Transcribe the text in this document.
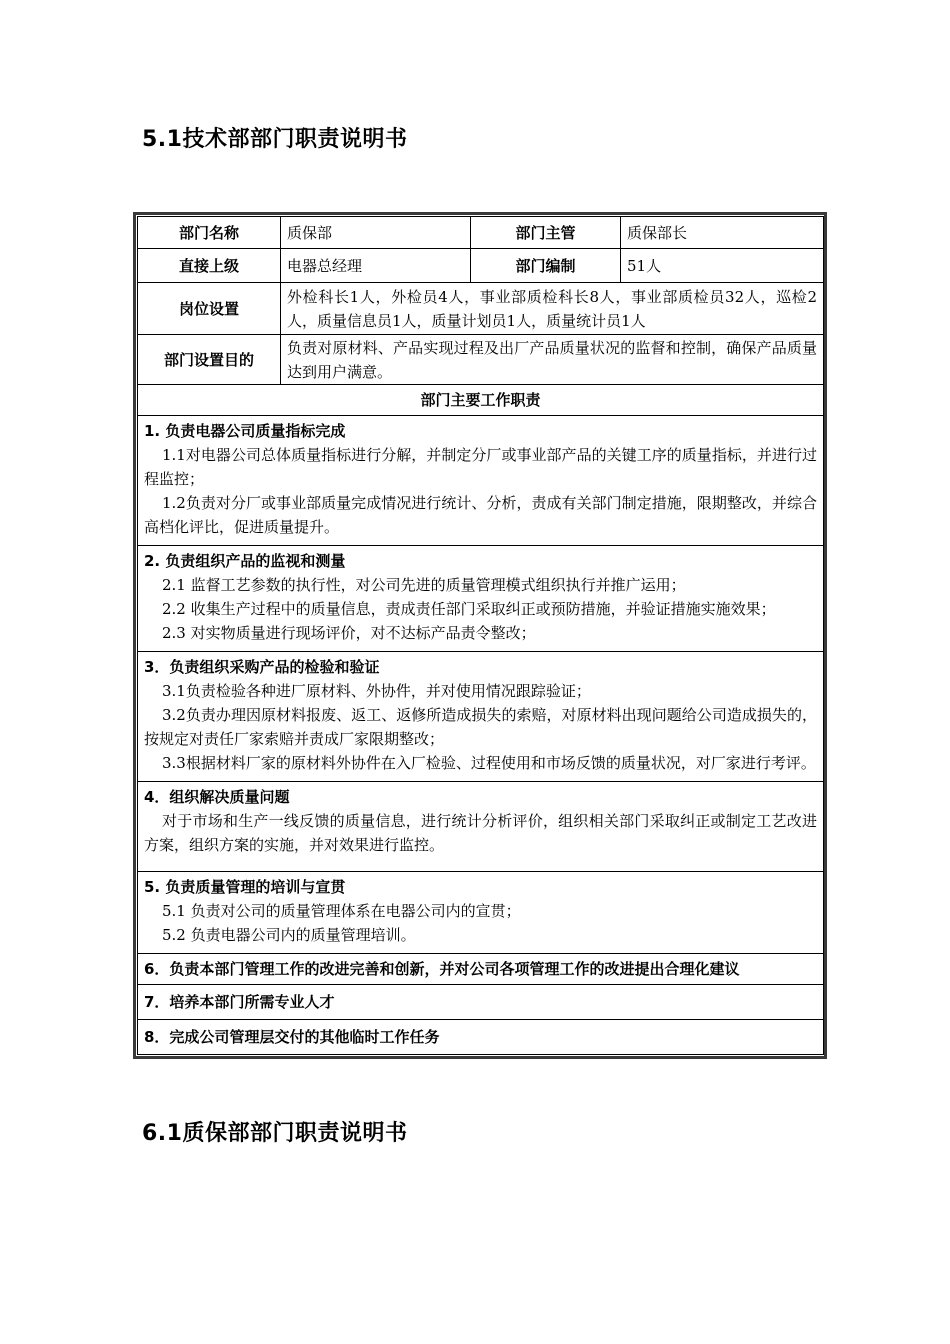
5.1技术部部门职责说明书
部门名称	质保部	部门主管	质保部长
直接上级	电器总经理	部门编制	51人
岗位设置	外检科长1人，外检员4人，事业部质检科长8人，事业部质检员32人，巡检2人，质量信息员1人，质量计划员1人，质量统计员1人		
部门设置目的	负责对原材料、产品实现过程及出厂产品质量状况的监督和控制，确保产品质量达到用户满意。		
部门主要工作职责			

1. 负责电器公司质量指标完成
1.1对电器公司总体质量指标进行分解，并制定分厂或事业部产品的关键工序的质量指标，并进行过程监控；
1.2负责对分厂或事业部质量完成情况进行统计、分析，责成有关部门制定措施，限期整改，并综合高档化评比，促进质量提升。			

2. 负责组织产品的监视和测量
2.1 监督工艺参数的执行性，对公司先进的质量管理模式组织执行并推广运用；
2.2 收集生产过程中的质量信息，责成责任部门采取纠正或预防措施，并验证措施实施效果；
2.3 对实物质量进行现场评价，对不达标产品责令整改；			

3．负责组织采购产品的检验和验证
3.1负责检验各种进厂原材料、外协件，并对使用情况跟踪验证；
3.2负责办理因原材料报废、返工、返修所造成损失的索赔，对原材料出现问题给公司造成损失的，按规定对责任厂家索赔并责成厂家限期整改；
3.3根据材料厂家的原材料外协件在入厂检验、过程使用和市场反馈的质量状况，对厂家进行考评。			

4．组织解决质量问题
对于市场和生产一线反馈的质量信息，进行统计分析评价，组织相关部门采取纠正或制定工艺改进方案，组织方案的实施，并对效果进行监控。			

5. 负责质量管理的培训与宣贯
5.1 负责对公司的质量管理体系在电器公司内的宣贯；
5.2 负责电器公司内的质量管理培训。			

6．负责本部门管理工作的改进完善和创新，并对公司各项管理工作的改进提出合理化建议			
7．培养本部门所需专业人才			
8．完成公司管理层交付的其他临时工作任务			
6.1质保部部门职责说明书
